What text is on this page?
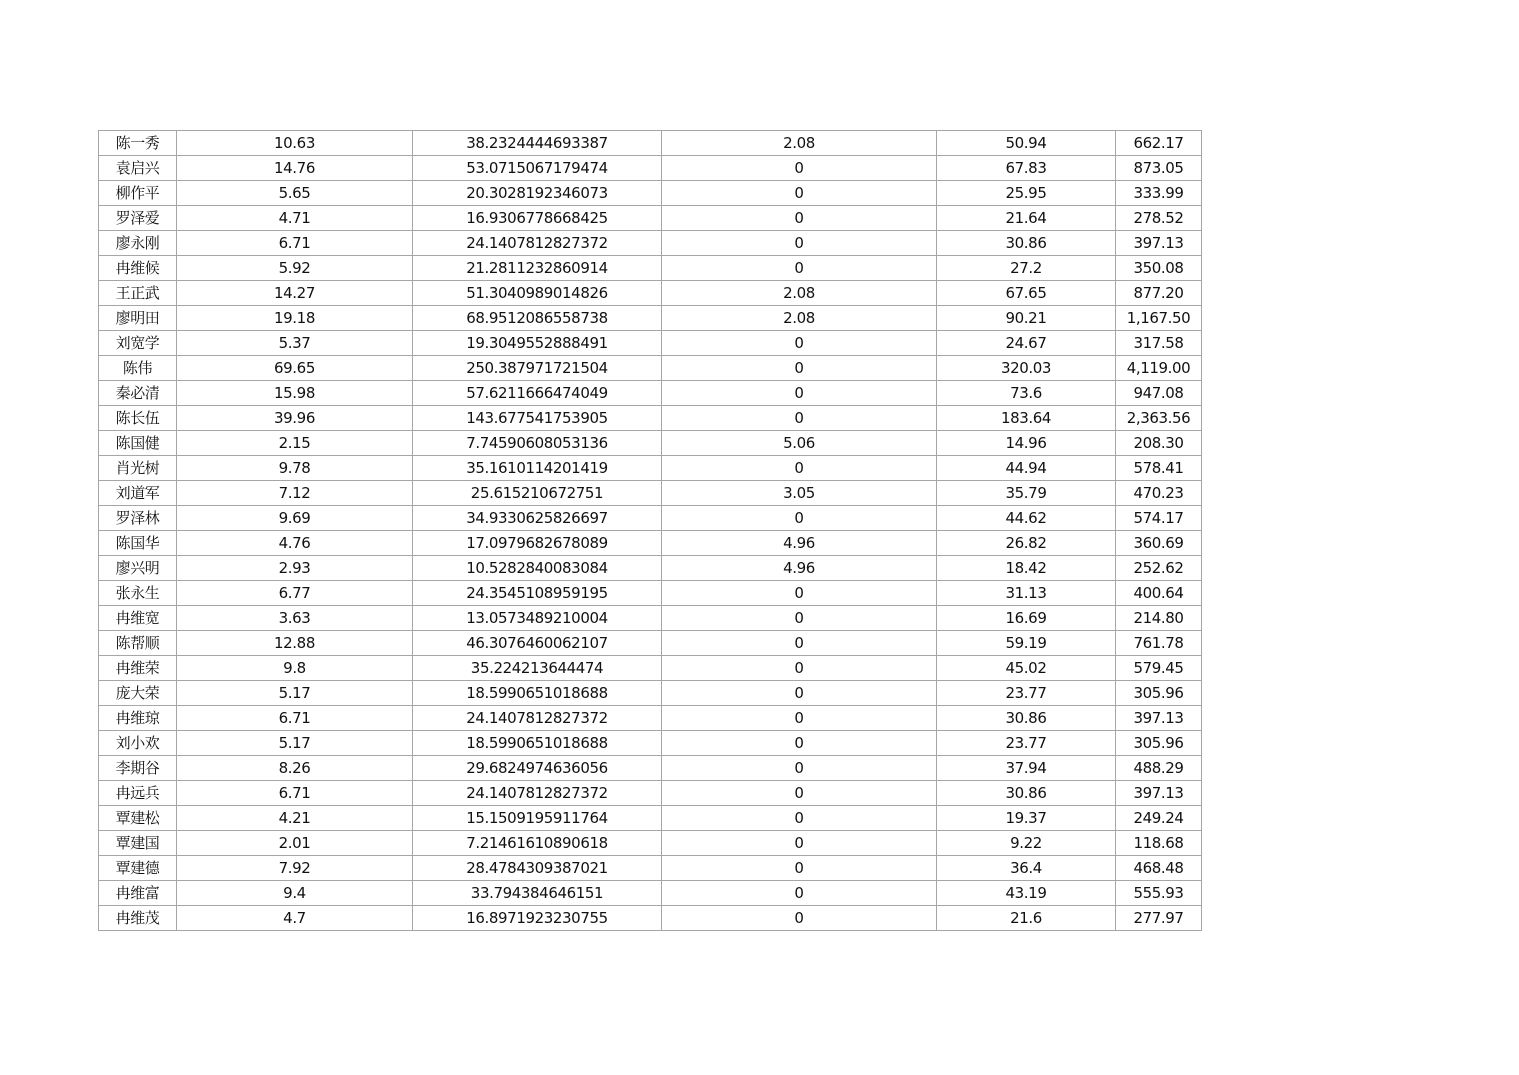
陈一秀	10.63	38.2324444693387	2.08	50.94	662.17
袁启兴	14.76	53.0715067179474	0	67.83	873.05
柳作平	5.65	20.3028192346073	0	25.95	333.99
罗泽爱	4.71	16.9306778668425	0	21.64	278.52
廖永刚	6.71	24.1407812827372	0	30.86	397.13
冉维候	5.92	21.2811232860914	0	27.2	350.08
王正武	14.27	51.3040989014826	2.08	67.65	877.20
廖明田	19.18	68.9512086558738	2.08	90.21	1,167.50
刘宽学	5.37	19.3049552888491	0	24.67	317.58
陈伟	69.65	250.387971721504	0	320.03	4,119.00
秦必清	15.98	57.6211666474049	0	73.6	947.08
陈长伍	39.96	143.677541753905	0	183.64	2,363.56
陈国健	2.15	7.74590608053136	5.06	14.96	208.30
肖光树	9.78	35.1610114201419	0	44.94	578.41
刘道军	7.12	25.615210672751	3.05	35.79	470.23
罗泽林	9.69	34.9330625826697	0	44.62	574.17
陈国华	4.76	17.0979682678089	4.96	26.82	360.69
廖兴明	2.93	10.5282840083084	4.96	18.42	252.62
张永生	6.77	24.3545108959195	0	31.13	400.64
冉维宽	3.63	13.0573489210004	0	16.69	214.80
陈帮顺	12.88	46.3076460062107	0	59.19	761.78
冉维荣	9.8	35.224213644474	0	45.02	579.45
庞大荣	5.17	18.5990651018688	0	23.77	305.96
冉维琼	6.71	24.1407812827372	0	30.86	397.13
刘小欢	5.17	18.5990651018688	0	23.77	305.96
李期谷	8.26	29.6824974636056	0	37.94	488.29
冉远兵	6.71	24.1407812827372	0	30.86	397.13
覃建松	4.21	15.1509195911764	0	19.37	249.24
覃建国	2.01	7.21461610890618	0	9.22	118.68
覃建德	7.92	28.4784309387021	0	36.4	468.48
冉维富	9.4	33.794384646151	0	43.19	555.93
冉维茂	4.7	16.8971923230755	0	21.6	277.97
